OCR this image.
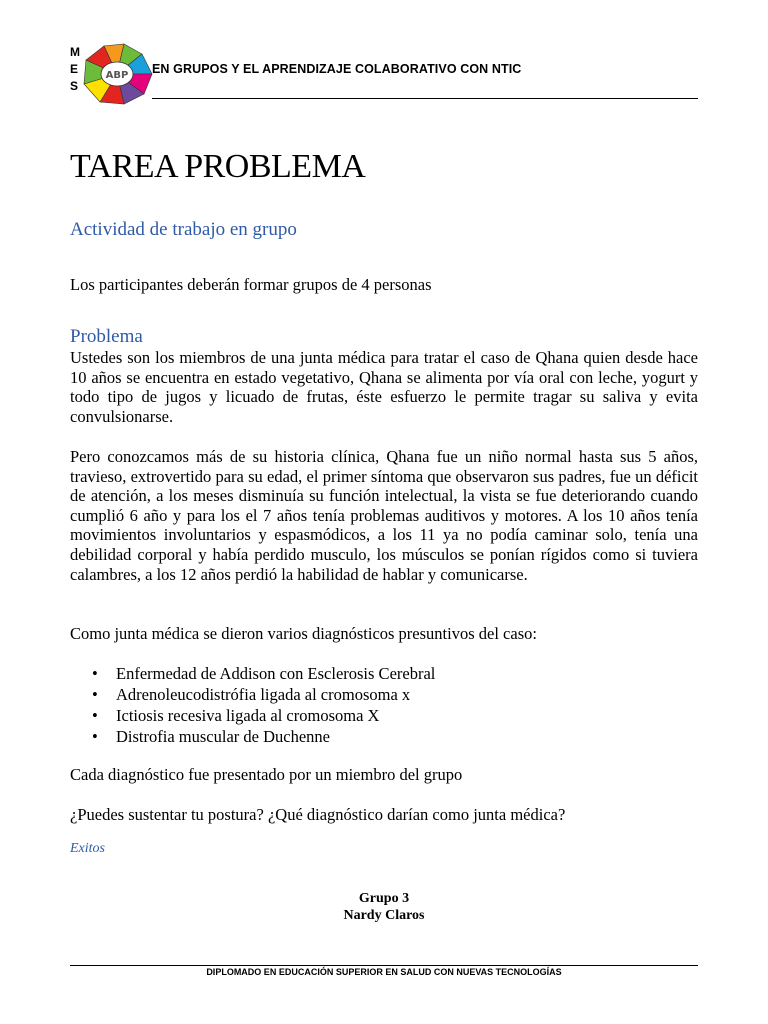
M
E
S
ABP EN GRUPOS Y EL APRENDIZAJE COLABORATIVO CON NTIC
TAREA PROBLEMA
Actividad de trabajo en grupo

Los participantes deberán formar grupos de 4 personas

Problema

Ustedes son los miembros de una junta médica para tratar el caso de Qhana quien desde hace 10 años se encuentra en estado vegetativo, Qhana se alimenta por vía oral con leche, yogurt y todo tipo de jugos y licuado de frutas, éste esfuerzo le permite tragar su saliva y evita convulsionarse.

Pero conozcamos más de su historia clínica, Qhana fue un niño normal hasta sus 5 años, travieso, extrovertido para su edad, el primer síntoma que observaron sus padres, fue un déficit de atención, a los meses disminuía su función intelectual, la vista se fue deteriorando cuando cumplió 6 año y para los el 7 años tenía problemas auditivos y motores. A los 10 años tenía movimientos involuntarios y espasmódicos, a los 11 ya no podía caminar solo, tenía una debilidad corporal y había perdido musculo, los músculos se ponían rígidos como si tuviera calambres, a los 12 años perdió la habilidad de hablar y comunicarse.

Como junta médica se dieron varios diagnósticos presuntivos del caso:

• Enfermedad de Addison con Esclerosis Cerebral
• Adrenoleucodistrófia ligada al cromosoma x
• Ictiosis recesiva ligada al cromosoma X
• Distrofia muscular de Duchenne

Cada diagnóstico fue presentado por un miembro del grupo

¿Puedes sustentar tu postura? ¿Qué diagnóstico darían como junta médica?

Exitos

Grupo 3

Nardy Claros

DIPLOMADO EN EDUCACIÓN SUPERIOR EN SALUD CON NUEVAS TECNOLOGÍAS
